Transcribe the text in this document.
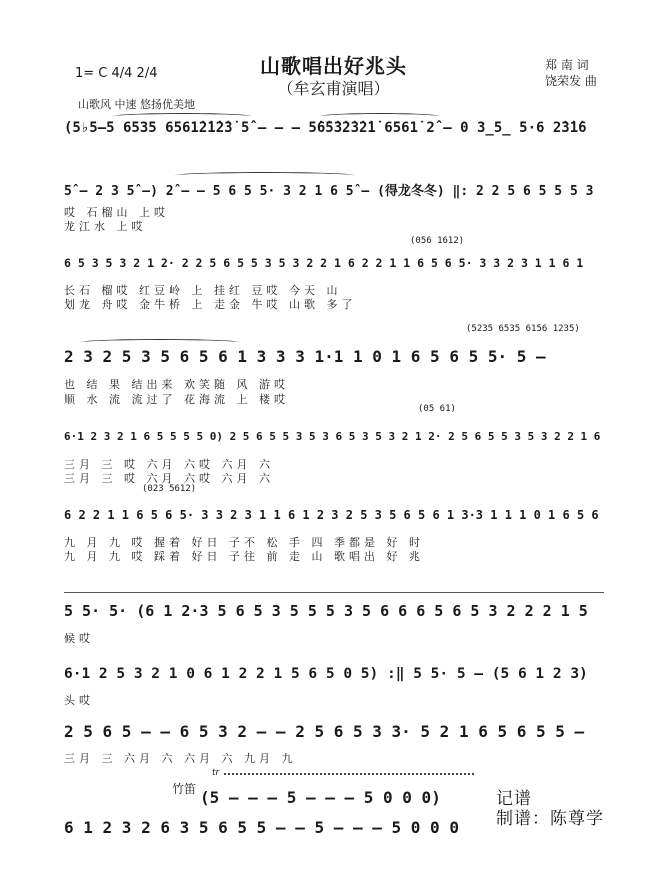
山歌唱出好兆头
（牟玄甫演唱）
郑 南 词
饶荣发 曲
1= C 4/4 2/4
山歌风 中速 悠扬优美地
(5♭5—5 6535 6561̇2̇1̇2̇3̇ 5̂ — — — 5̇6̇5̇3̇2̇3̇2̇1̇ 6561̇ 2̂ — 0 3̲5̲ 5·6 2̇3̇1̇6
5̂ — 2 3 5̂ —) 2̂ — — 5 6 5 5· 3 2 1 6 5̂ — (得龙冬冬) ‖: 2 2 5 6 5 5 5 3
哎 石榴山 上哎
龙江水 上哎
(056 1612)
6 5 3 5 3 2 1 2· 2 2 5 6 5 5 3 5 3 2 2 1 6 2 2 1 1 6 5 6 5· 3 3 2 3 1 1 6 1
长石 榴哎 红豆岭 上 挂红 豆哎 今天 山
划龙 舟哎 金牛桥 上 走金 牛哎 山歌 多了
(5235 6535 6156 1235)
2 3 2 5 3 5 6 5 6 1 3 3 3 1·1 1 0 1 6 5 6 5 5· 5 —
也 结 果 结出来 欢笑随 风 游哎
顺 水 流 流过了 花海流 上 楼哎
(05 61)
6·1 2 3 2 1 6 5 5 5 5 0) 2 5 6 5 5 3 5 3 6 5 3 5 3 2 1 2· 2 5 6 5 5 3 5 3 2 2 1 6
三月 三 哎 六月 六哎 六月 六
三月 三 哎 六月 六哎 六月 六
(023 5612)
6 2 2 1 1 6 5 6 5· 3 3 2 3 1 1 6 1 2 3 2 5 3 5 6 5 6 1 3·3 1 1 1 0 1 6 5 6
九 月 九 哎 握着 好日 子不 松 手 四 季都是 好 时
九 月 九 哎 踩着 好日 子往 前 走 山 歌唱出 好 兆
5 5· 5· (6 1 2·3 5 6 5 3 5 5 5 3 5 6 6 6 5 6 5 3 2 2 2 1 5
候哎
6·1 2 5 3 2 1 0 6 1 2 2 1 5 6 5 0 5) :‖ 5 5· 5 — (5 6 1 2 3)
头哎
2 5 6 5 — — 6 5 3 2 — — 2 5 6 5 3 3· 5 2 1 6 5 6 5 5 —
三月 三 六月 六 六月 六 九月 九
竹笛
tr
(5 — — — 5 — — — 5 0 0 0)
6 1 2 3 2 6 3 5 6 5 5 — — 5 — — — 5 0 0 0
记谱
制谱：陈尊学
